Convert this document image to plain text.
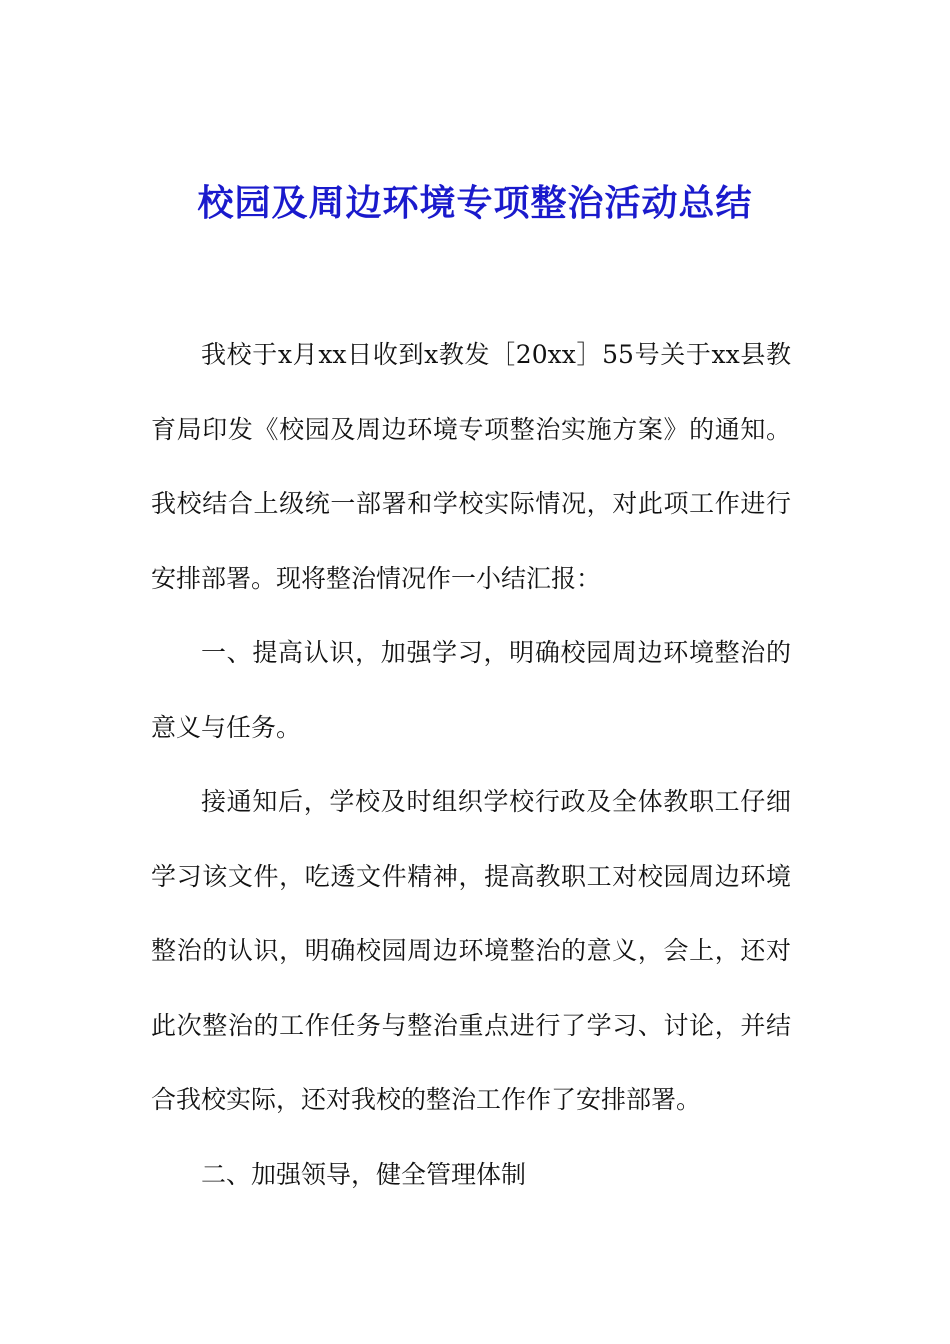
校园及周边环境专项整治活动总结

我校于x月xx日收到x教发［20xx］55号关于xx县教育局印发《校园及周边环境专项整治实施方案》的通知。我校结合上级统一部署和学校实际情况，对此项工作进行安排部署。现将整治情况作一小结汇报：

一、提高认识，加强学习，明确校园周边环境整治的意义与任务。

接通知后，学校及时组织学校行政及全体教职工仔细学习该文件，吃透文件精神，提高教职工对校园周边环境整治的认识，明确校园周边环境整治的意义，会上，还对此次整治的工作任务与整治重点进行了学习、讨论，并结合我校实际，还对我校的整治工作作了安排部署。

二、加强领导，健全管理体制
